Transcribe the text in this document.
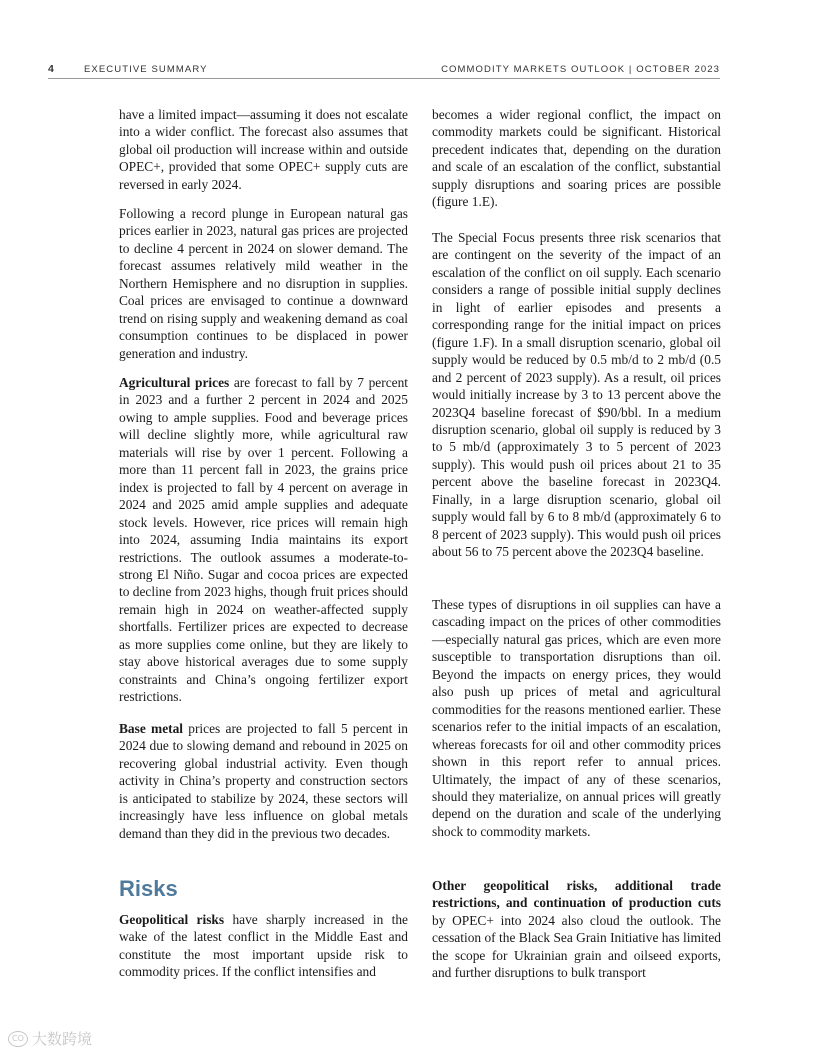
4	EXECUTIVE SUMMARY	COMMODITY MARKETS OUTLOOK | OCTOBER 2023

have a limited impact—assuming it does not escalate into a wider conflict. The forecast also assumes that global oil production will increase within and outside OPEC+, provided that some OPEC+ supply cuts are reversed in early 2024.

Following a record plunge in European natural gas prices earlier in 2023, natural gas prices are projected to decline 4 percent in 2024 on slower demand. The forecast assumes relatively mild weather in the Northern Hemisphere and no disruption in supplies. Coal prices are envisaged to continue a downward trend on rising supply and weakening demand as coal consumption continues to be displaced in power generation and industry.

Agricultural prices are forecast to fall by 7 percent in 2023 and a further 2 percent in 2024 and 2025 owing to ample supplies. Food and beverage prices will decline slightly more, while agricultural raw materials will rise by over 1 percent. Following a more than 11 percent fall in 2023, the grains price index is projected to fall by 4 percent on average in 2024 and 2025 amid ample supplies and adequate stock levels. However, rice prices will remain high into 2024, assuming India maintains its export restrictions. The outlook assumes a moderate-to-strong El Niño. Sugar and cocoa prices are expected to decline from 2023 highs, though fruit prices should remain high in 2024 on weather-affected supply shortfalls. Fertilizer prices are expected to decrease as more supplies come online, but they are likely to stay above historical averages due to some supply constraints and China’s ongoing fertilizer export restrictions.

Base metal prices are projected to fall 5 percent in 2024 due to slowing demand and rebound in 2025 on recovering global industrial activity. Even though activity in China’s property and construction sectors is anticipated to stabilize by 2024, these sectors will increasingly have less influence on global metals demand than they did in the previous two decades.

Risks

Geopolitical risks have sharply increased in the wake of the latest conflict in the Middle East and constitute the most important upside risk to commodity prices. If the conflict intensifies and

becomes a wider regional conflict, the impact on commodity markets could be significant. Historical precedent indicates that, depending on the duration and scale of an escalation of the conflict, substantial supply disruptions and soaring prices are possible (figure 1.E).

The Special Focus presents three risk scenarios that are contingent on the severity of the impact of an escalation of the conflict on oil supply. Each scenario considers a range of possible initial supply declines in light of earlier episodes and presents a corresponding range for the initial impact on prices (figure 1.F). In a small disruption scenario, global oil supply would be reduced by 0.5 mb/d to 2 mb/d (0.5 and 2 percent of 2023 supply). As a result, oil prices would initially increase by 3 to 13 percent above the 2023Q4 baseline forecast of $90/bbl. In a medium disruption scenario, global oil supply is reduced by 3 to 5 mb/d (approximately 3 to 5 percent of 2023 supply). This would push oil prices about 21 to 35 percent above the baseline forecast in 2023Q4. Finally, in a large disruption scenario, global oil supply would fall by 6 to 8 mb/d (approximately 6 to 8 percent of 2023 supply). This would push oil prices about 56 to 75 percent above the 2023Q4 baseline.

These types of disruptions in oil supplies can have a cascading impact on the prices of other commodities—especially natural gas prices, which are even more susceptible to transportation disruptions than oil. Beyond the impacts on energy prices, they would also push up prices of metal and agricultural commodities for the reasons mentioned earlier. These scenarios refer to the initial impacts of an escalation, whereas forecasts for oil and other commodity prices shown in this report refer to annual prices. Ultimately, the impact of any of these scenarios, should they materialize, on annual prices will greatly depend on the duration and scale of the underlying shock to commodity markets.

Other geopolitical risks, additional trade restrictions, and continuation of production cuts by OPEC+ into 2024 also cloud the outlook. The cessation of the Black Sea Grain Initiative has limited the scope for Ukrainian grain and oilseed exports, and further disruptions to bulk transport

CO 大数跨境
